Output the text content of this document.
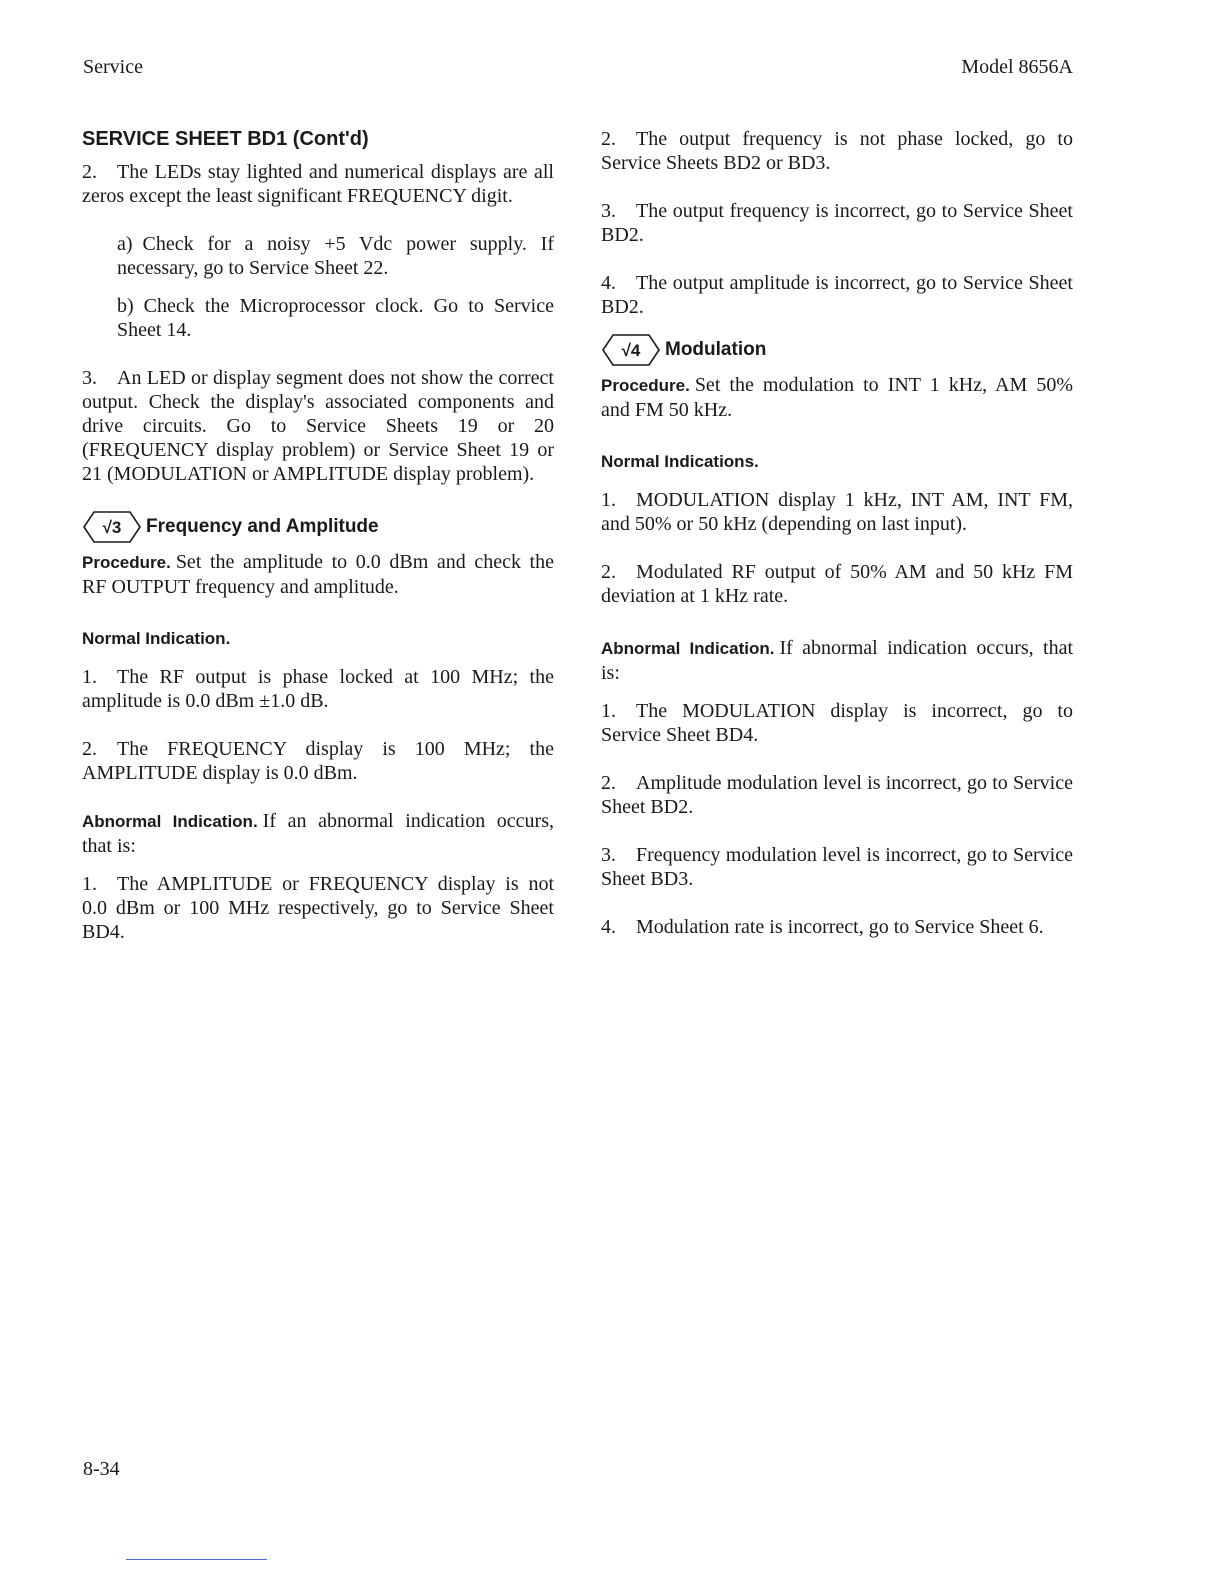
Service	Model 8656A
SERVICE SHEET BD1 (Cont'd)

2. The LEDs stay lighted and numerical displays are all zeros except the least significant FREQUENCY digit.

a) Check for a noisy +5 Vdc power supply. If necessary, go to Service Sheet 22.

b) Check the Microprocessor clock. Go to Service Sheet 14.

3. An LED or display segment does not show the correct output. Check the display's associated components and drive circuits. Go to Service Sheets 19 or 20 (FREQUENCY display problem) or Service Sheet 19 or 21 (MODULATION or AMPLITUDE display problem).

√3 Frequency and Amplitude

Procedure. Set the amplitude to 0.0 dBm and check the RF OUTPUT frequency and amplitude.

Normal Indication.

1. The RF output is phase locked at 100 MHz; the amplitude is 0.0 dBm ±1.0 dB.

2. The FREQUENCY display is 100 MHz; the AMPLITUDE display is 0.0 dBm.

Abnormal Indication. If an abnormal indication occurs, that is:

1. The AMPLITUDE or FREQUENCY display is not 0.0 dBm or 100 MHz respectively, go to Service Sheet BD4.

2. The output frequency is not phase locked, go to Service Sheets BD2 or BD3.

3. The output frequency is incorrect, go to Service Sheet BD2.

4. The output amplitude is incorrect, go to Service Sheet BD2.

√4 Modulation

Procedure. Set the modulation to INT 1 kHz, AM 50% and FM 50 kHz.

Normal Indications.

1. MODULATION display 1 kHz, INT AM, INT FM, and 50% or 50 kHz (depending on last input).

2. Modulated RF output of 50% AM and 50 kHz FM deviation at 1 kHz rate.

Abnormal Indication. If abnormal indication occurs, that is:

1. The MODULATION display is incorrect, go to Service Sheet BD4.

2. Amplitude modulation level is incorrect, go to Service Sheet BD2.

3. Frequency modulation level is incorrect, go to Service Sheet BD3.

4. Modulation rate is incorrect, go to Service Sheet 6.

8-34
